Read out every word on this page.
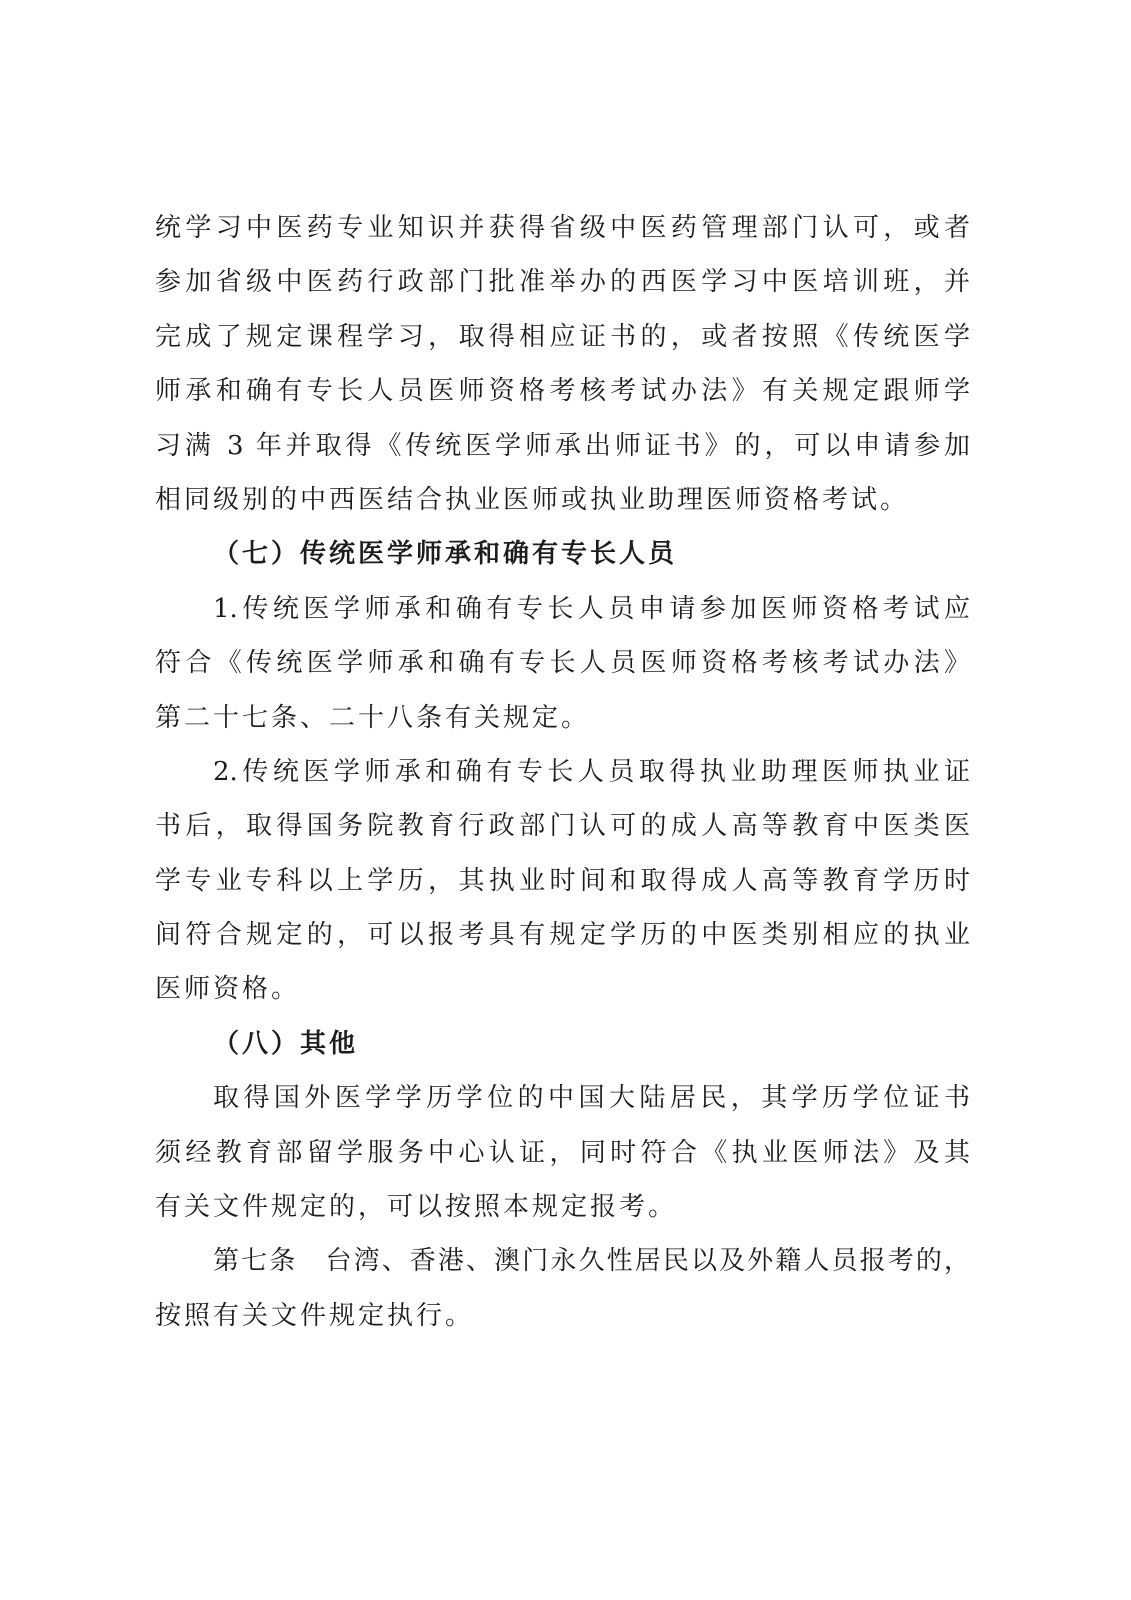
统学习中医药专业知识并获得省级中医药管理部门认可，或者
参加省级中医药行政部门批准举办的西医学习中医培训班，并
完成了规定课程学习，取得相应证书的，或者按照《传统医学
师承和确有专长人员医师资格考核考试办法》有关规定跟师学
习满 3 年并取得《传统医学师承出师证书》的，可以申请参加
相同级别的中西医结合执业医师或执业助理医师资格考试。
（七）传统医学师承和确有专长人员
1.传统医学师承和确有专长人员申请参加医师资格考试应
符合《传统医学师承和确有专长人员医师资格考核考试办法》
第二十七条、二十八条有关规定。
2.传统医学师承和确有专长人员取得执业助理医师执业证
书后，取得国务院教育行政部门认可的成人高等教育中医类医
学专业专科以上学历，其执业时间和取得成人高等教育学历时
间符合规定的，可以报考具有规定学历的中医类别相应的执业
医师资格。
（八）其他
取得国外医学学历学位的中国大陆居民，其学历学位证书
须经教育部留学服务中心认证，同时符合《执业医师法》及其
有关文件规定的，可以按照本规定报考。
第七条　台湾、香港、澳门永久性居民以及外籍人员报考的，
按照有关文件规定执行。
